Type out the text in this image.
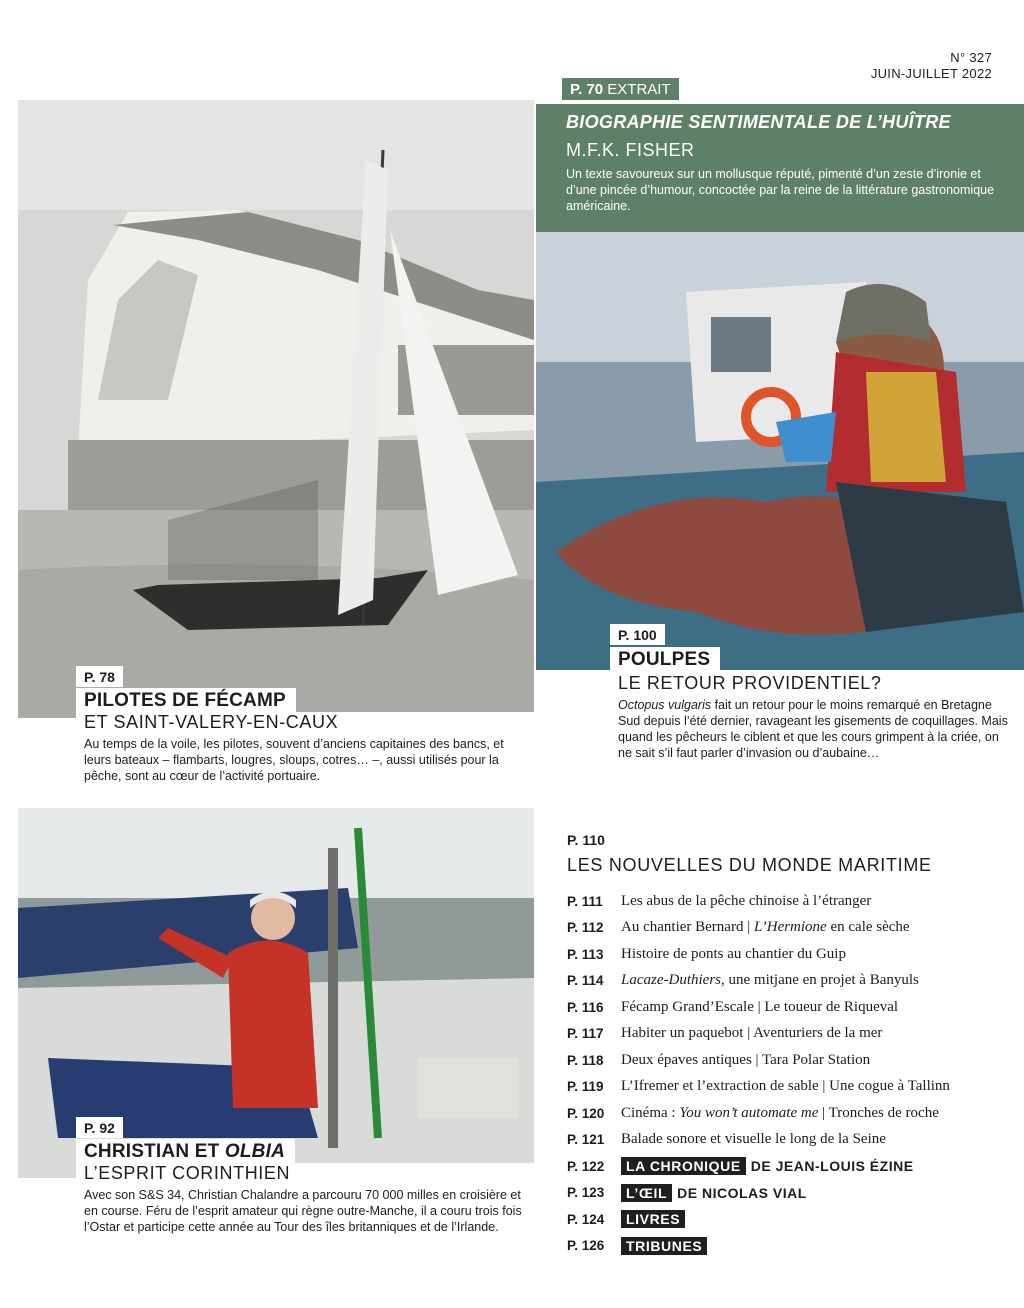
N° 327
JUIN-JUILLET 2022
P. 70 EXTRAIT
BIOGRAPHIE SENTIMENTALE DE L’HUÎTRE
M.F.K. FISHER
Un texte savoureux sur un mollusque réputé, pimenté d’un zeste d’ironie et d’une pincée d’humour, concoctée par la reine de la littérature gastronomique américaine.
P. 78
PILOTES DE FÉCAMP
ET SAINT-VALERY-EN-CAUX
Au temps de la voile, les pilotes, souvent d’anciens capitaines des bancs, et leurs bateaux – flambarts, lougres, sloups, cotres… –, aussi utilisés pour la pêche, sont au cœur de l’activité portuaire.
P. 100
POULPES
LE RETOUR PROVIDENTIEL?
Octopus vulgaris fait un retour pour le moins remarqué en Bretagne Sud depuis l’été dernier, ravageant les gisements de coquillages. Mais quand les pêcheurs le ciblent et que les cours grimpent à la criée, on ne sait s’il faut parler d’invasion ou d’aubaine…
P. 92
CHRISTIAN ET OLBIA
L’ESPRIT CORINTHIEN
Avec son S&S 34, Christian Chalandre a parcouru 70 000 milles en croisière et en course. Féru de l’esprit amateur qui règne outre-Manche, il a couru trois fois l’Ostar et participe cette année au Tour des îles britanniques et de l’Irlande.
P. 110
LES NOUVELLES DU MONDE MARITIME
P. 111	Les abus de la pêche chinoise à l’étranger
P. 112	Au chantier Bernard | L’Hermione en cale sèche
P. 113	Histoire de ponts au chantier du Guip
P. 114	Lacaze-Duthiers, une mitjane en projet à Banyuls
P. 116	Fécamp Grand’Escale | Le toueur de Riqueval
P. 117	Habiter un paquebot | Aventuriers de la mer
P. 118	Deux épaves antiques | Tara Polar Station
P. 119	L’Ifremer et l’extraction de sable | Une cogue à Tallinn
P. 120	Cinéma : You won’t automate me | Tronches de roche
P. 121	Balade sonore et visuelle le long de la Seine
P. 122	LA CHRONIQUE DE JEAN-LOUIS ÉZINE
P. 123	L’ŒIL DE NICOLAS VIAL
P. 124	LIVRES
P. 126	TRIBUNES
